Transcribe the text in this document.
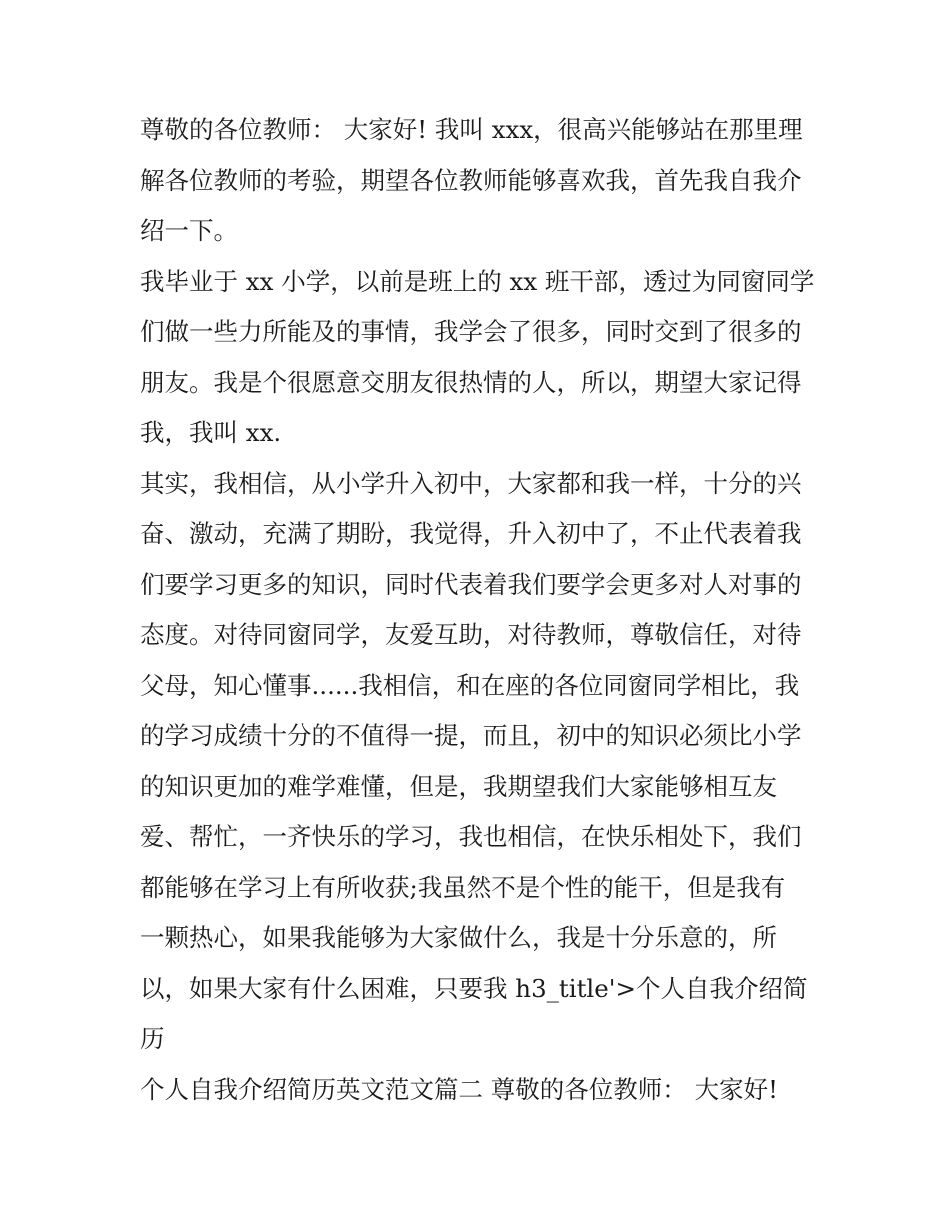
尊敬的各位教师： 大家好! 我叫 xxx，很高兴能够站在那里理
解各位教师的考验，期望各位教师能够喜欢我，首先我自我介
绍一下。
我毕业于 xx 小学，以前是班上的 xx 班干部，透过为同窗同学
们做一些力所能及的事情，我学会了很多，同时交到了很多的
朋友。我是个很愿意交朋友很热情的人，所以，期望大家记得
我，我叫 xx.
其实，我相信，从小学升入初中，大家都和我一样，十分的兴
奋、激动，充满了期盼，我觉得，升入初中了，不止代表着我
们要学习更多的知识，同时代表着我们要学会更多对人对事的
态度。对待同窗同学，友爱互助，对待教师，尊敬信任，对待
父母，知心懂事......我相信，和在座的各位同窗同学相比，我
的学习成绩十分的不值得一提，而且，初中的知识必须比小学
的知识更加的难学难懂，但是，我期望我们大家能够相互友
爱、帮忙，一齐快乐的学习，我也相信，在快乐相处下，我们
都能够在学习上有所收获;我虽然不是个性的能干，但是我有
一颗热心，如果我能够为大家做什么，我是十分乐意的，所
以，如果大家有什么困难，只要我 h3_title'>个人自我介绍简
历
个人自我介绍简历英文范文篇二 尊敬的各位教师： 大家好!
